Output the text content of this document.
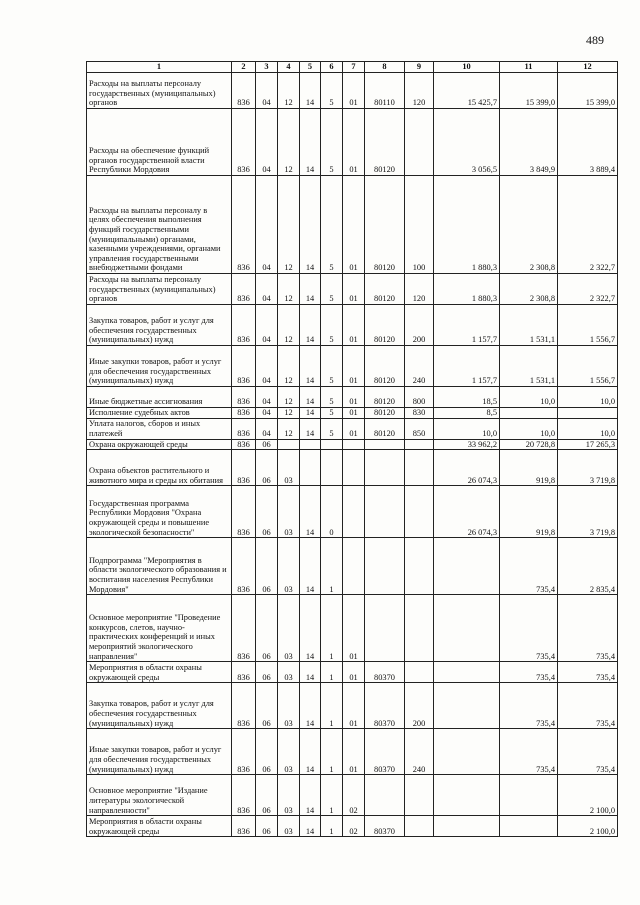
489
1	2	3	4	5	6	7	8	9	10	11	12
Расходы на выплаты персоналу государственных (муниципальных) органов	836	04	12	14	5	01	80110	120	15 425,7	15 399,0	15 399,0
Расходы на обеспечение функций органов государственной власти Республики Мордовия	836	04	12	14	5	01	80120		3 056,5	3 849,9	3 889,4
Расходы на выплаты персоналу в целях обеспечения выполнения функций государственными (муниципальными) органами, казенными учреждениями, органами управления государственными внебюджетными фондами	836	04	12	14	5	01	80120	100	1 880,3	2 308,8	2 322,7
Расходы на выплаты персоналу государственных (муниципальных) органов	836	04	12	14	5	01	80120	120	1 880,3	2 308,8	2 322,7
Закупка товаров, работ и услуг для обеспечения государственных (муниципальных) нужд	836	04	12	14	5	01	80120	200	1 157,7	1 531,1	1 556,7
Иные закупки товаров, работ и услуг для обеспечения государственных (муниципальных) нужд	836	04	12	14	5	01	80120	240	1 157,7	1 531,1	1 556,7
Иные бюджетные ассигнования	836	04	12	14	5	01	80120	800	18,5	10,0	10,0
Исполнение судебных актов	836	04	12	14	5	01	80120	830	8,5		
Уплата налогов, сборов и иных платежей	836	04	12	14	5	01	80120	850	10,0	10,0	10,0
Охрана окружающей среды	836	06							33 962,2	20 728,8	17 265,3
Охрана объектов растительного и животного мира и среды их обитания	836	06	03						26 074,3	919,8	3 719,8
Государственная программа Республики Мордовия "Охрана окружающей среды и повышение экологической безопасности"	836	06	03	14	0				26 074,3	919,8	3 719,8
Подпрограмма "Мероприятия в области экологического образования и воспитания населения Республики Мордовия"	836	06	03	14	1					735,4	2 835,4
Основное мероприятие "Проведение конкурсов, слетов, научно-практических конференций и иных мероприятий экологического направления"	836	06	03	14	1	01				735,4	735,4
Мероприятия в области охраны окружающей среды	836	06	03	14	1	01	80370			735,4	735,4
Закупка товаров, работ и услуг для обеспечения государственных (муниципальных) нужд	836	06	03	14	1	01	80370	200		735,4	735,4
Иные закупки товаров, работ и услуг для обеспечения государственных (муниципальных) нужд	836	06	03	14	1	01	80370	240		735,4	735,4
Основное мероприятие "Издание литературы экологической направленности"	836	06	03	14	1	02					2 100,0
Мероприятия в области охраны окружающей среды	836	06	03	14	1	02	80370				2 100,0
